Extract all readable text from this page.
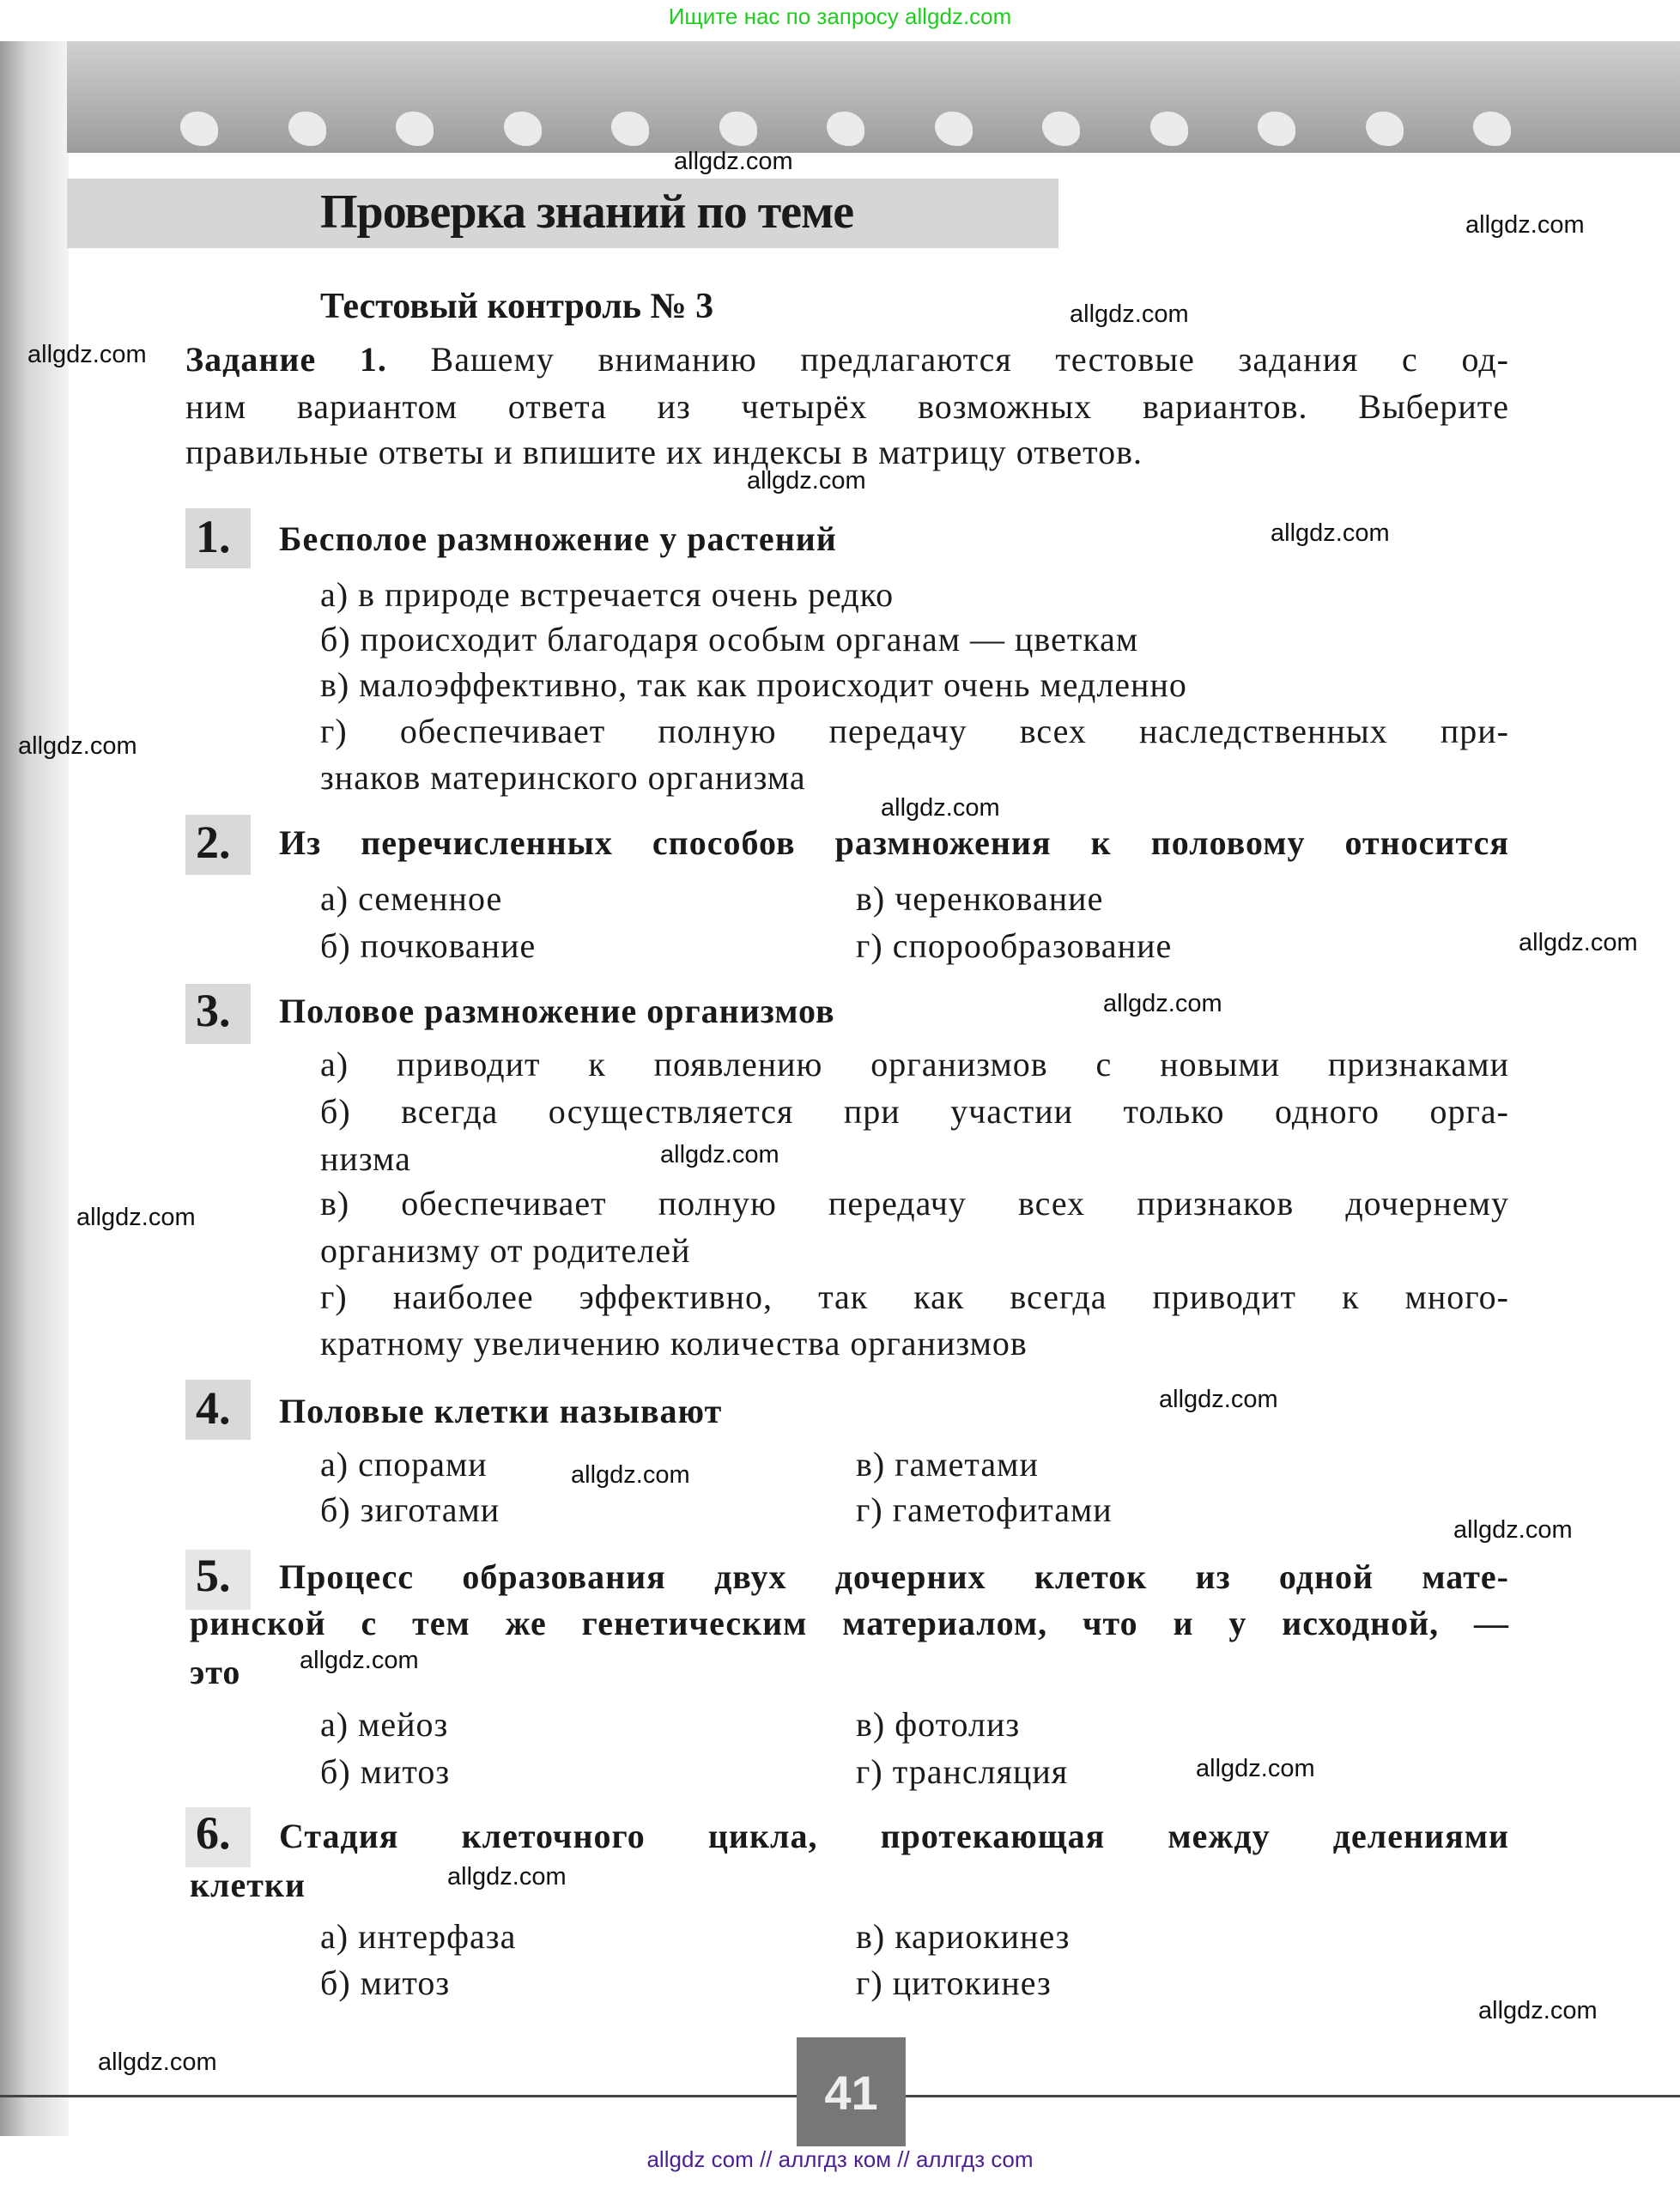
Ищите нас по запросу allgdz.com
Проверка знаний по теме
Тестовый контроль № 3
Задание 1. Вашему вниманию предлагаются тестовые задания с од-
ним вариантом ответа из четырёх возможных вариантов. Выберите
правильные ответы и впишите их индексы в матрицу ответов.
1. Бесполое размножение у растений
а) в природе встречается очень редко
б) происходит благодаря особым органам — цветкам
в) малоэффективно, так как происходит очень медленно
г) обеспечивает полную передачу всех наследственных при-
знаков материнского организма
2. Из перечисленных способов размножения к половому относится
а) семенное
б) почкование
в) черенкование
г) спорообразование
3. Половое размножение организмов
а) приводит к появлению организмов с новыми признаками
б) всегда осуществляется при участии только одного орга-
низма
в) обеспечивает полную передачу всех признаков дочернему
организму от родителей
г) наиболее эффективно, так как всегда приводит к много-
кратному увеличению количества организмов
4. Половые клетки называют
а) спорами
б) зиготами
в) гаметами
г) гаметофитами
5. Процесс образования двух дочерних клеток из одной мате-
ринской с тем же генетическим материалом, что и у исходной, —
это
а) мейоз
б) митоз
в) фотолиз
г) трансляция
6. Стадия клеточного цикла, протекающая между делениями
клетки
а) интерфаза
б) митоз
в) кариокинез
г) цитокинез
41
allgdz com // аллгдз ком // аллгдз com
allgdz.com
allgdz.com
allgdz.com
allgdz.com
allgdz.com
allgdz.com
allgdz.com
allgdz.com
allgdz.com
allgdz.com
allgdz.com
allgdz.com
allgdz.com
allgdz.com
allgdz.com
allgdz.com
allgdz.com
allgdz.com
allgdz.com
allgdz.com
